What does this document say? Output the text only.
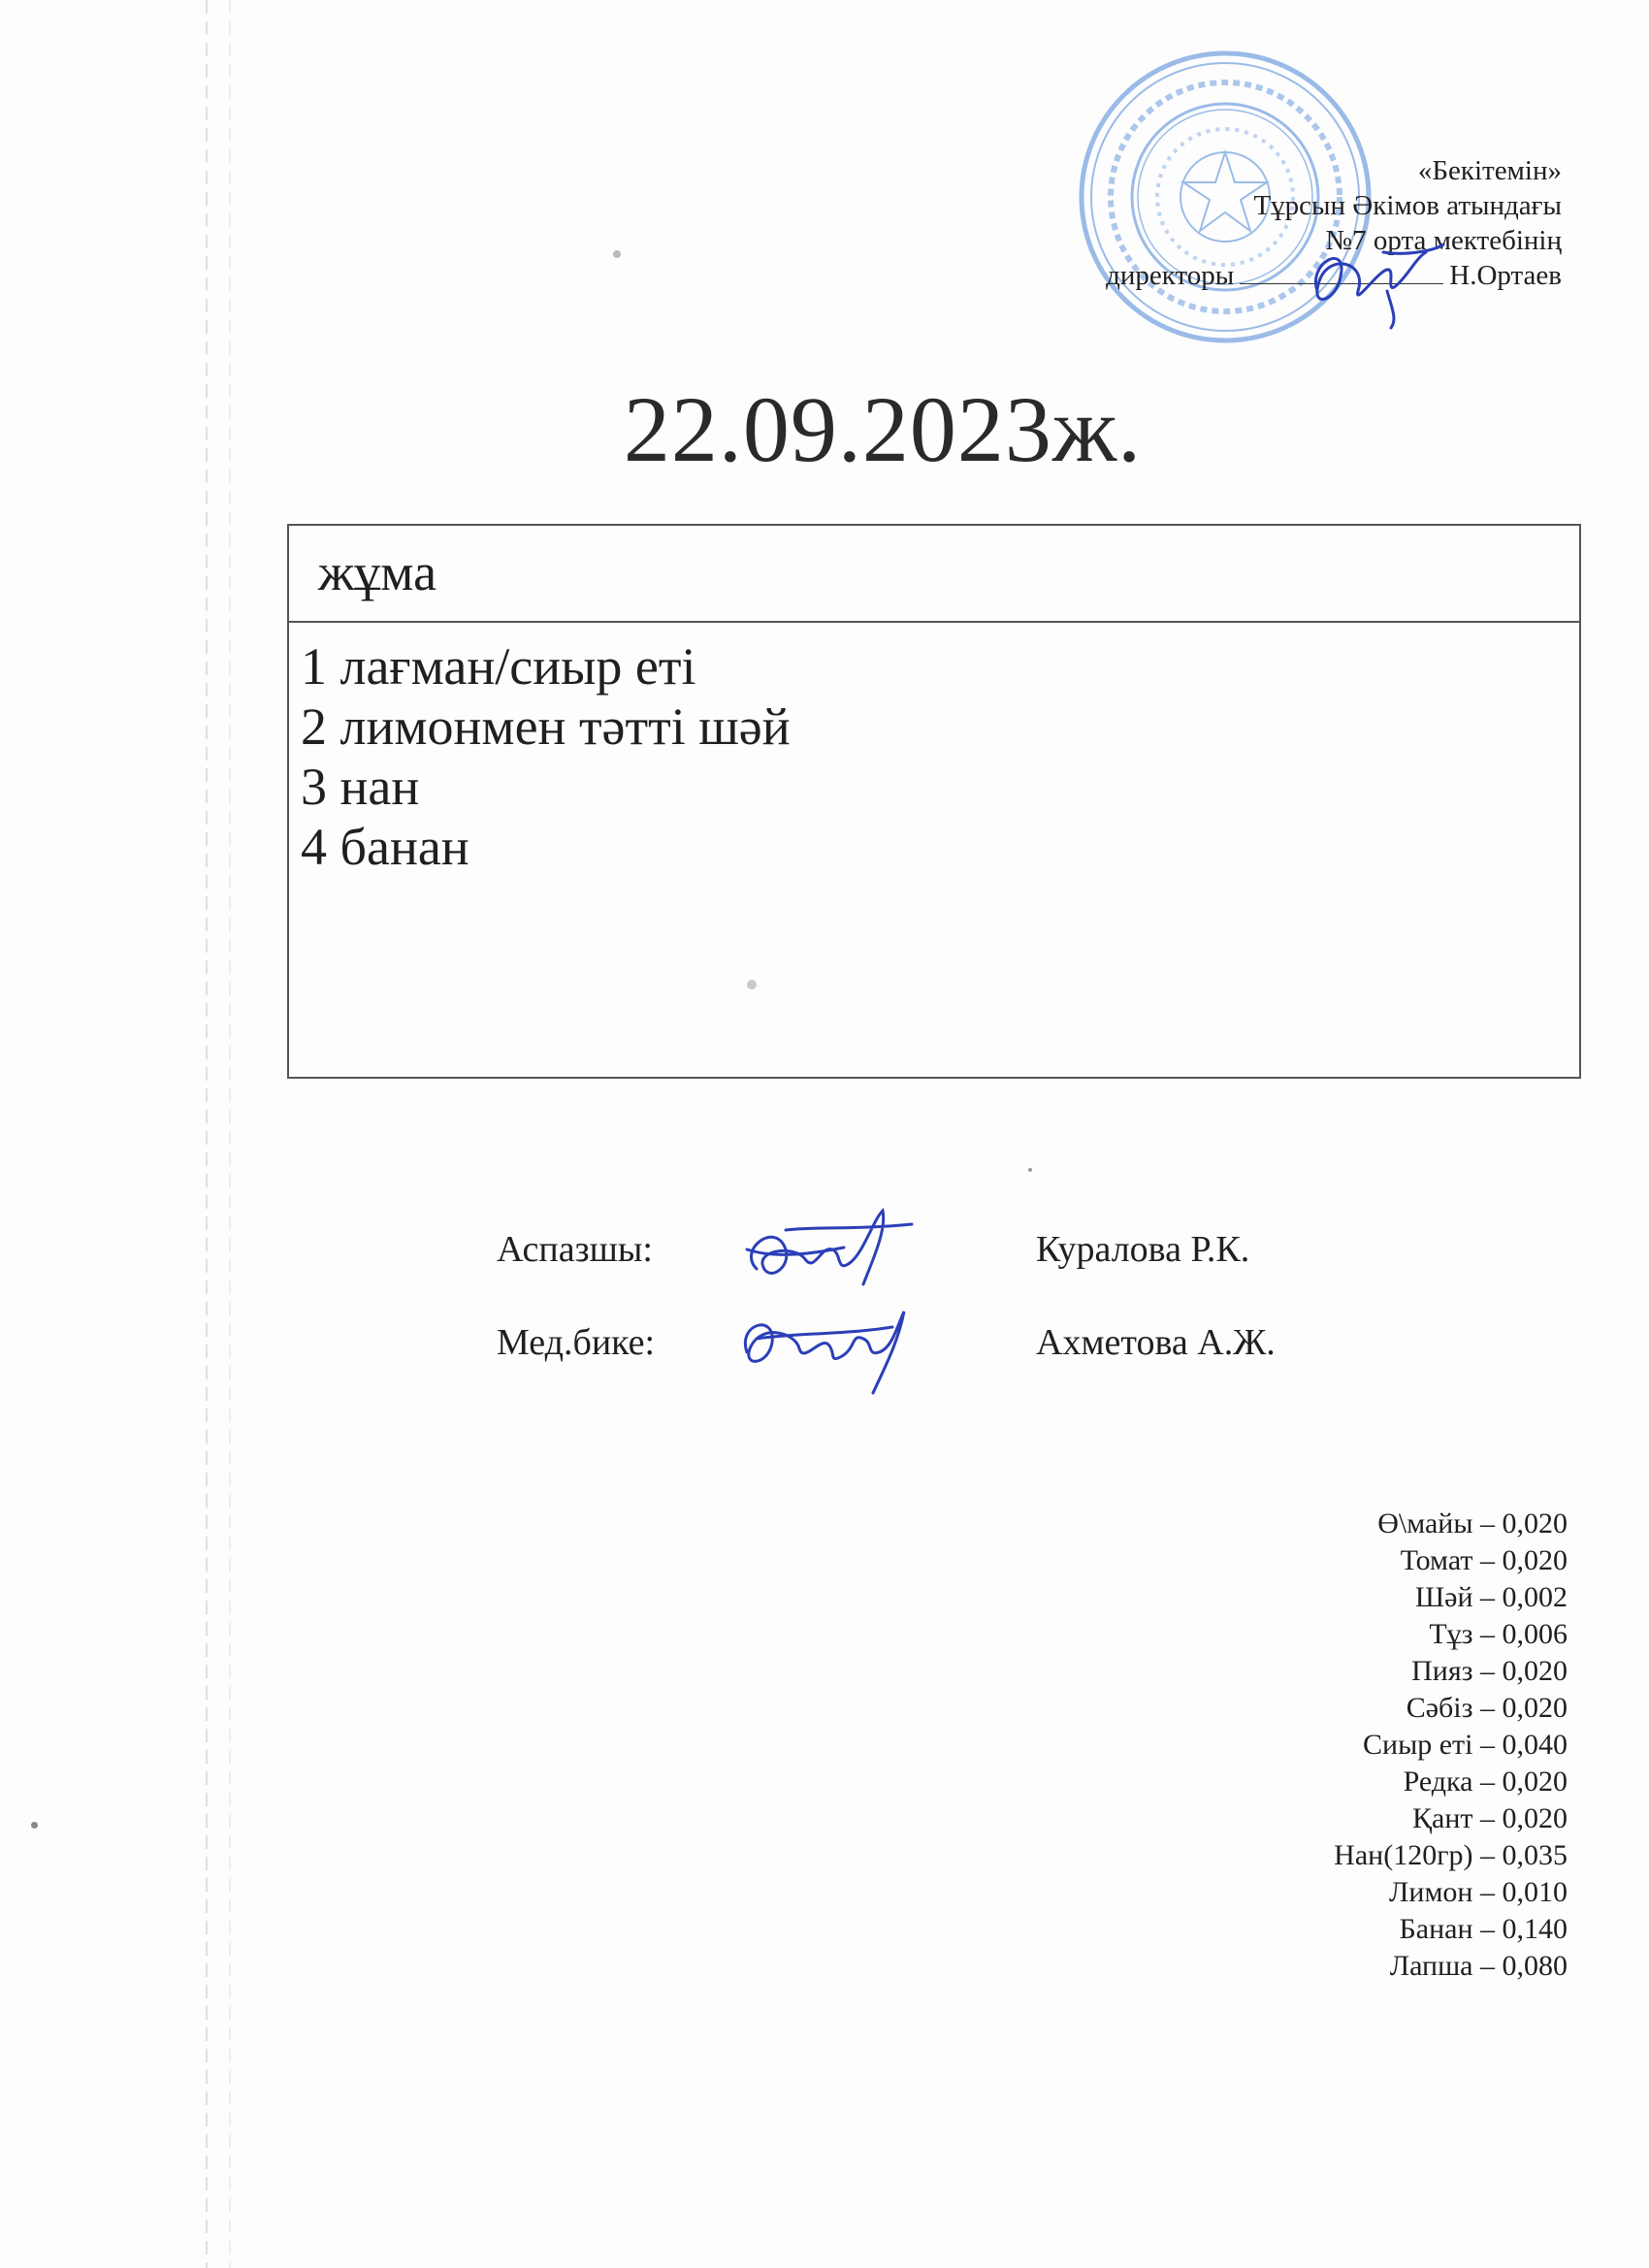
«Бекітемін»
Тұрсын Әкімов атындағы
№7 орта мектебінің
директоры	Н.Ортаев
22.09.2023ж.
жұма
1 лағман/сиыр еті
2 лимонмен тәтті шәй
3 нан
4 банан
Аспазшы:	Куралова Р.К.
Мед.бике:	Ахметова А.Ж.
Ө\майы – 0,020
Томат – 0,020
Шәй – 0,002
Тұз – 0,006
Пияз – 0,020
Сәбіз – 0,020
Сиыр еті – 0,040
Редка – 0,020
Қант – 0,020
Нан(120гр) – 0,035
Лимон – 0,010
Банан – 0,140
Лапша – 0,080
